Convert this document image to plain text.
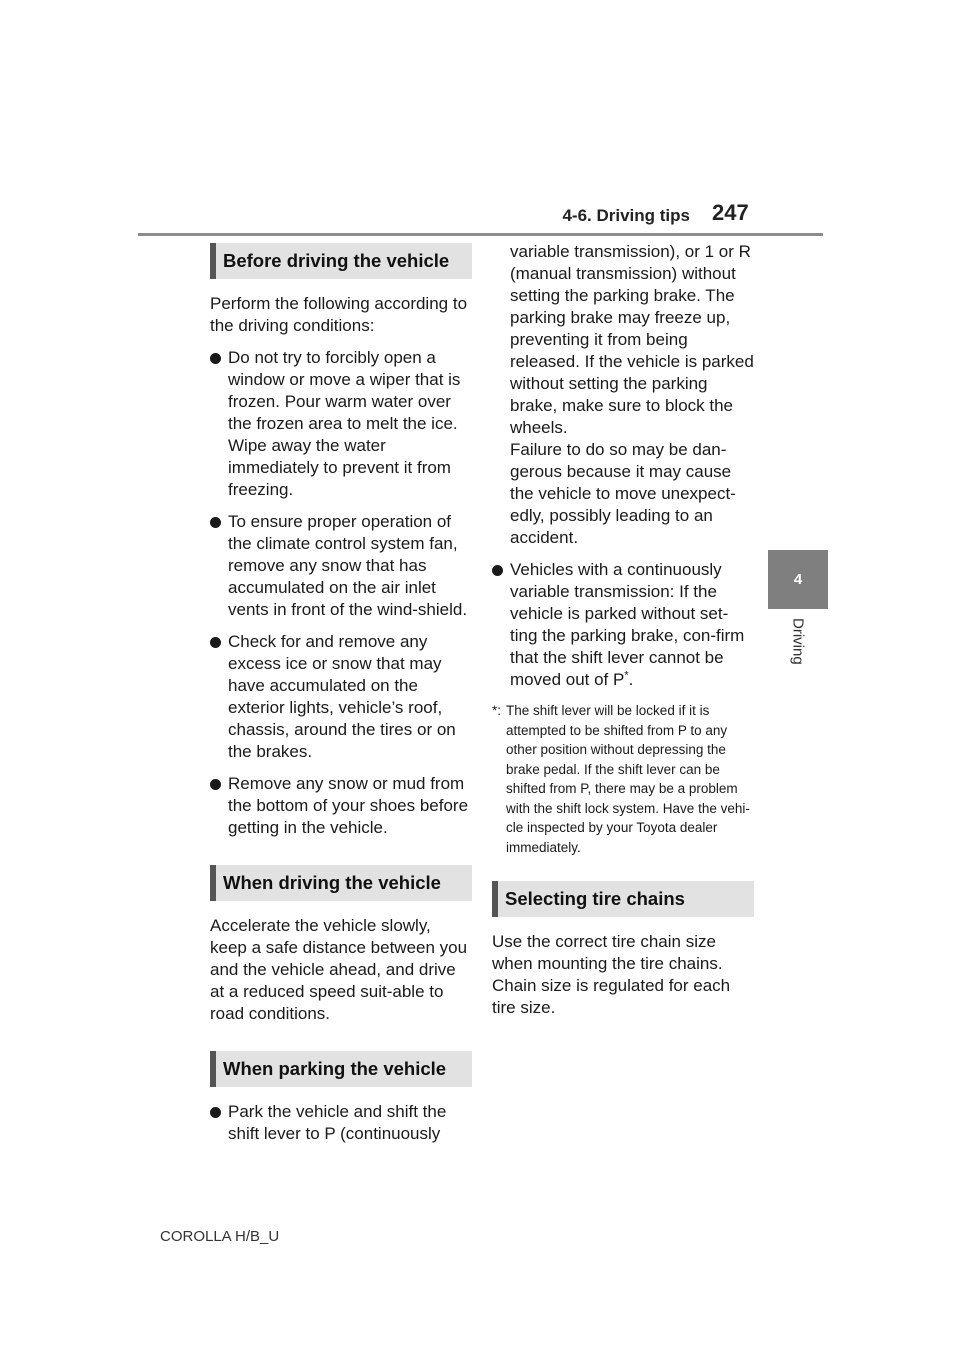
4-6. Driving tips 247
4
Driving
Before driving the vehicle

Perform the following according to the driving conditions:

Do not try to forcibly open a window or move a wiper that is frozen. Pour warm water over the frozen area to melt the ice. Wipe away the water immediately to prevent it from freezing.
To ensure proper operation of the climate control system fan, remove any snow that has accumulated on the air inlet vents in front of the wind-shield.
Check for and remove any excess ice or snow that may have accumulated on the exterior lights, vehicle’s roof, chassis, around the tires or on the brakes.
Remove any snow or mud from the bottom of your shoes before getting in the vehicle.
When driving the vehicle

Accelerate the vehicle slowly, keep a safe distance between you and the vehicle ahead, and drive at a reduced speed suit-able to road conditions.

When parking the vehicle
Park the vehicle and shift the shift lever to P (continuously
variable transmission), or 1 or R (manual transmission) without setting the parking brake. The parking brake may freeze up, preventing it from being released. If the vehicle is parked without setting the parking brake, make sure to block the wheels.
Failure to do so may be dan-gerous because it may cause the vehicle to move unexpect-edly, possibly leading to an accident.
Vehicles with a continuously variable transmission: If the vehicle is parked without set-ting the parking brake, con-firm that the shift lever cannot be moved out of P*.
*: The shift lever will be locked if it is attempted to be shifted from P to any other position without depressing the brake pedal. If the shift lever can be shifted from P, there may be a problem with the shift lock system. Have the vehi-cle inspected by your Toyota dealer immediately.
Selecting tire chains

Use the correct tire chain size when mounting the tire chains. Chain size is regulated for each tire size.

COROLLA H/B_U
